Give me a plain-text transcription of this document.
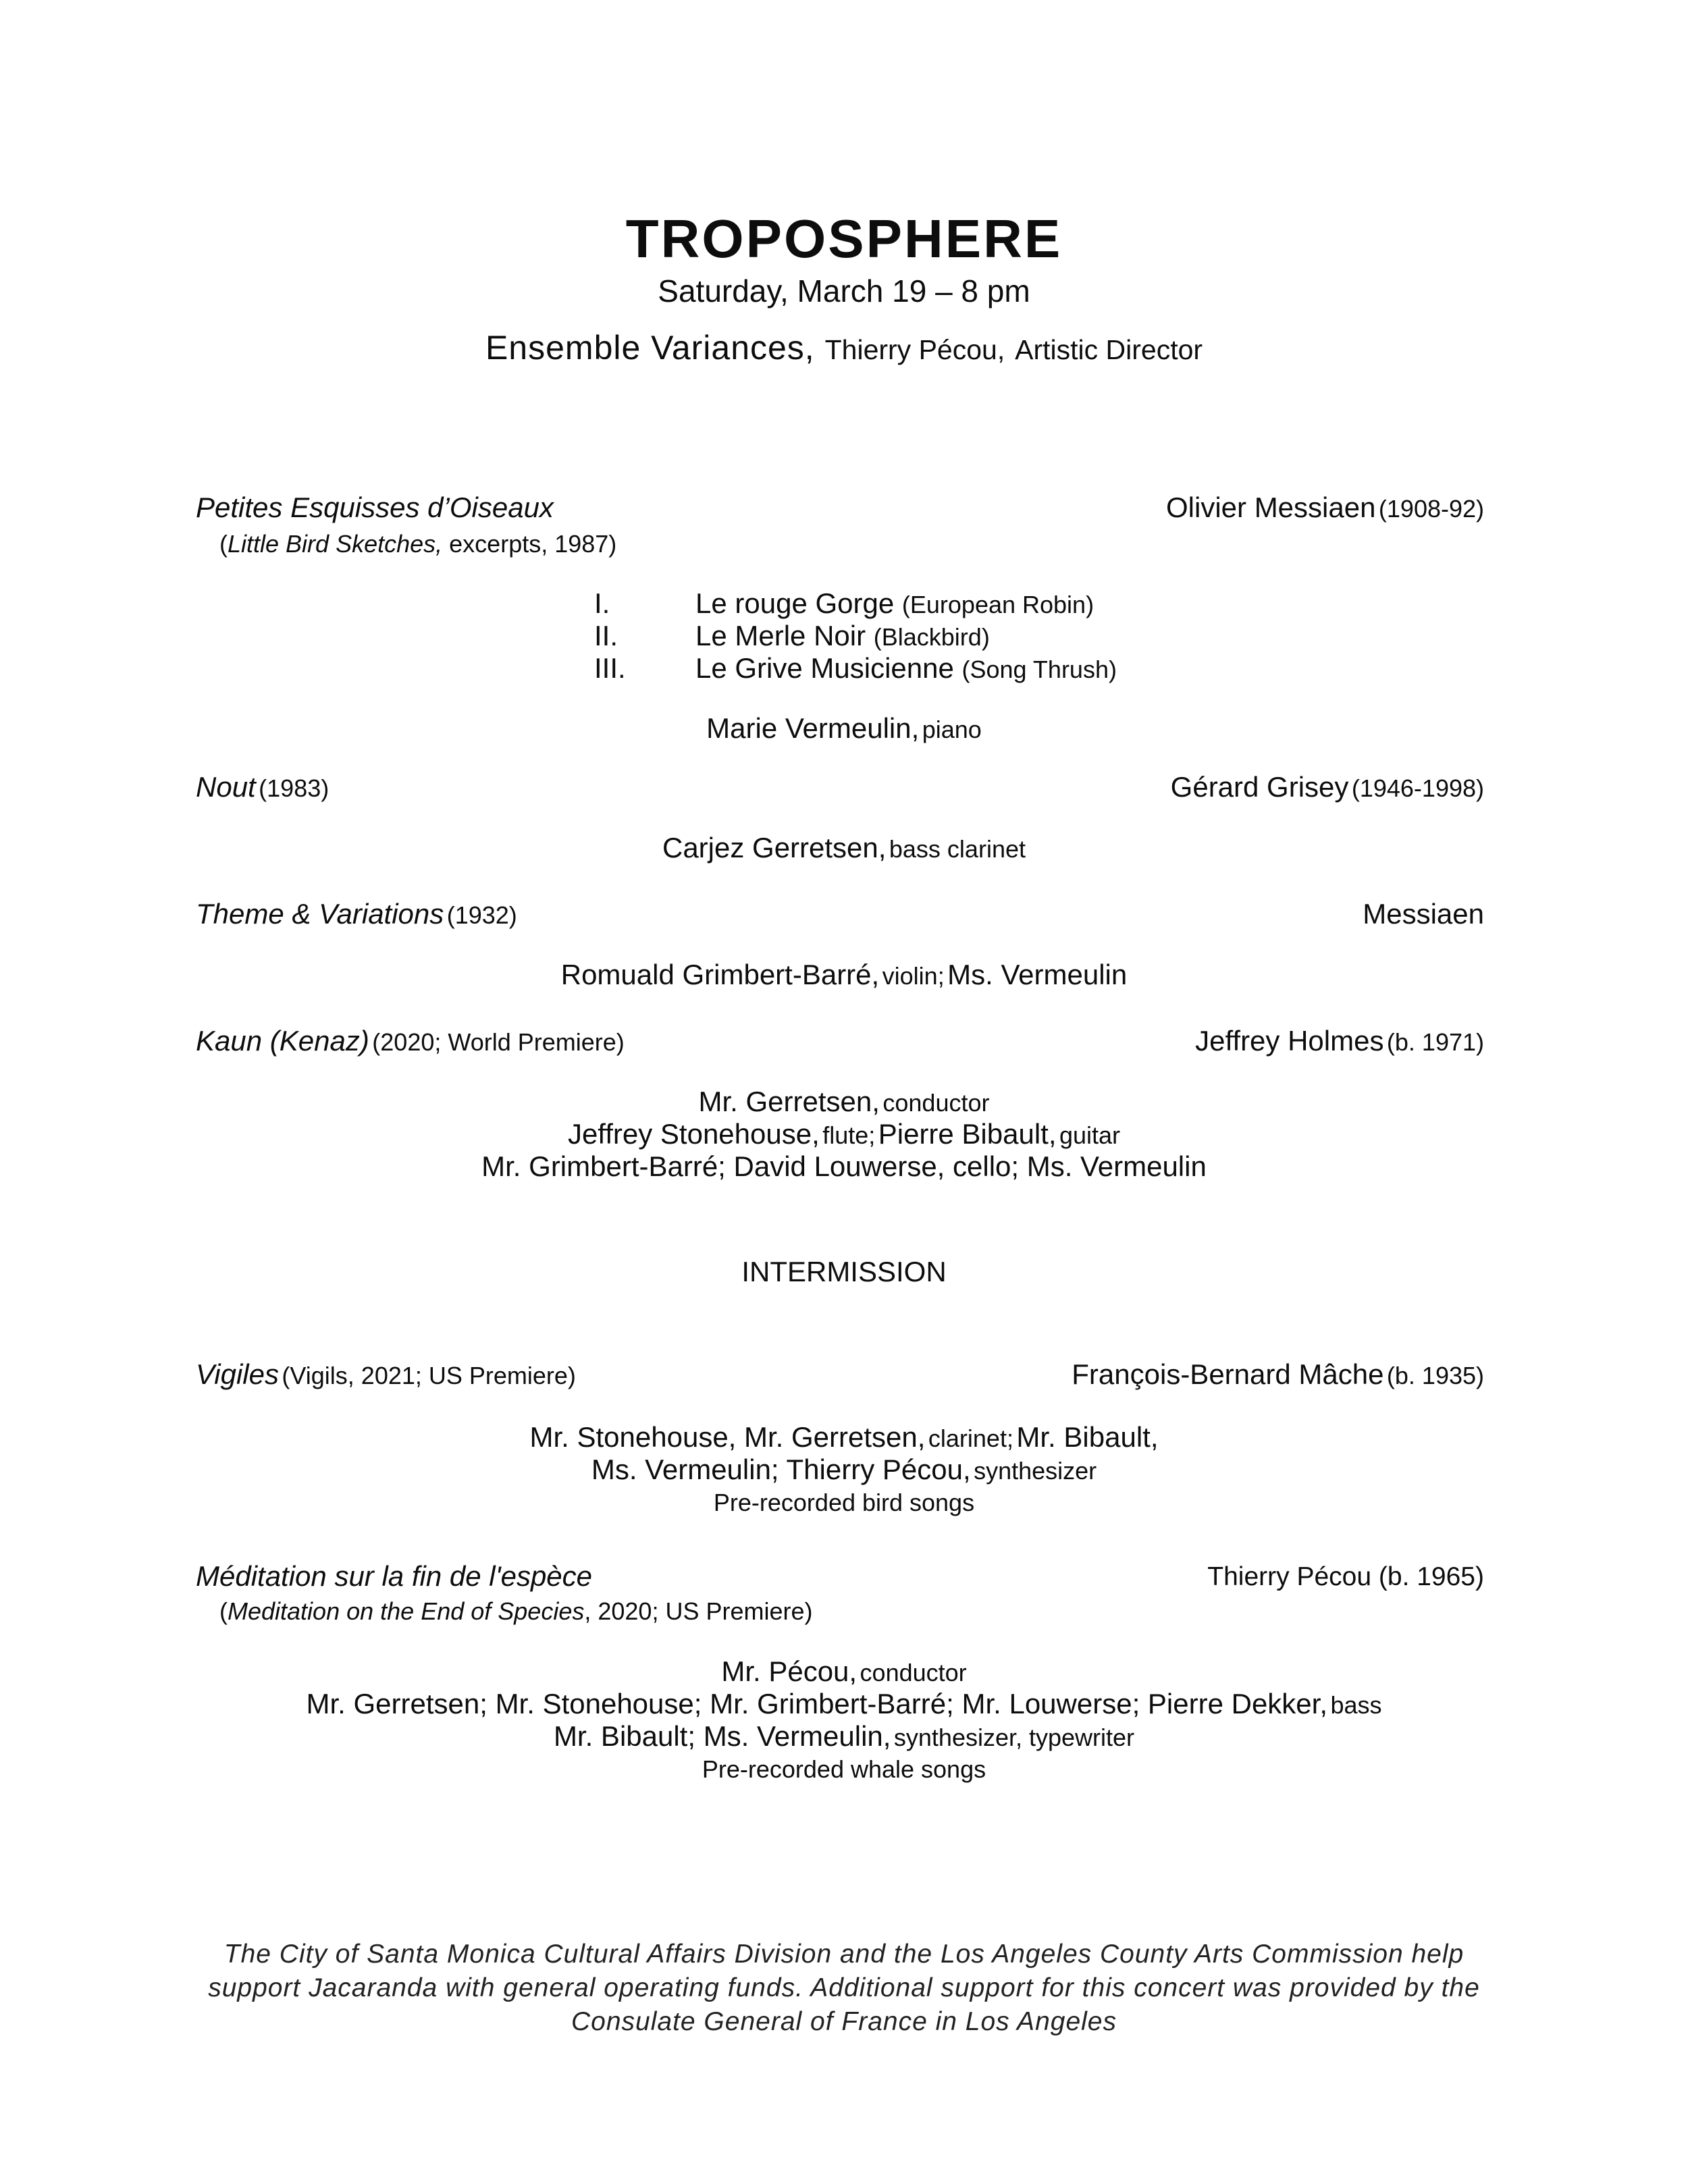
TROPOSPHERE
Saturday, March 19 – 8 pm
Ensemble Variances, Thierry Pécou, Artistic Director
Petites Esquisses d’Oiseaux	Olivier Messiaen (1908-92)
(Little Bird Sketches, excerpts, 1987)
I.	Le rouge Gorge (European Robin)
II.	Le Merle Noir (Blackbird)
III. Le Grive Musicienne (Song Thrush)
Marie Vermeulin, piano
Nout (1983)	Gérard Grisey (1946-1998)
Carjez Gerretsen, bass clarinet
Theme & Variations (1932)	Messiaen
Romuald Grimbert-Barré, violin; Ms. Vermeulin
Kaun (Kenaz) (2020; World Premiere)	Jeffrey Holmes (b. 1971)
Mr. Gerretsen, conductor
Jeffrey Stonehouse, flute; Pierre Bibault, guitar
Mr. Grimbert-Barré; David Louwerse, cello; Ms. Vermeulin
INTERMISSION
Vigiles (Vigils, 2021; US Premiere)	François-Bernard Mâche (b. 1935)
Mr. Stonehouse, Mr. Gerretsen, clarinet; Mr. Bibault,
Ms. Vermeulin; Thierry Pécou, synthesizer
Pre-recorded bird songs
Méditation sur la fin de l'espèce	Thierry Pécou (b. 1965)
(Meditation on the End of Species, 2020; US Premiere)
Mr. Pécou, conductor
Mr. Gerretsen; Mr. Stonehouse; Mr. Grimbert-Barré; Mr. Louwerse; Pierre Dekker, bass
Mr. Bibault; Ms. Vermeulin, synthesizer, typewriter
Pre-recorded whale songs
The City of Santa Monica Cultural Affairs Division and the Los Angeles County Arts Commission help
support Jacaranda with general operating funds. Additional support for this concert was provided by the
Consulate General of France in Los Angeles
